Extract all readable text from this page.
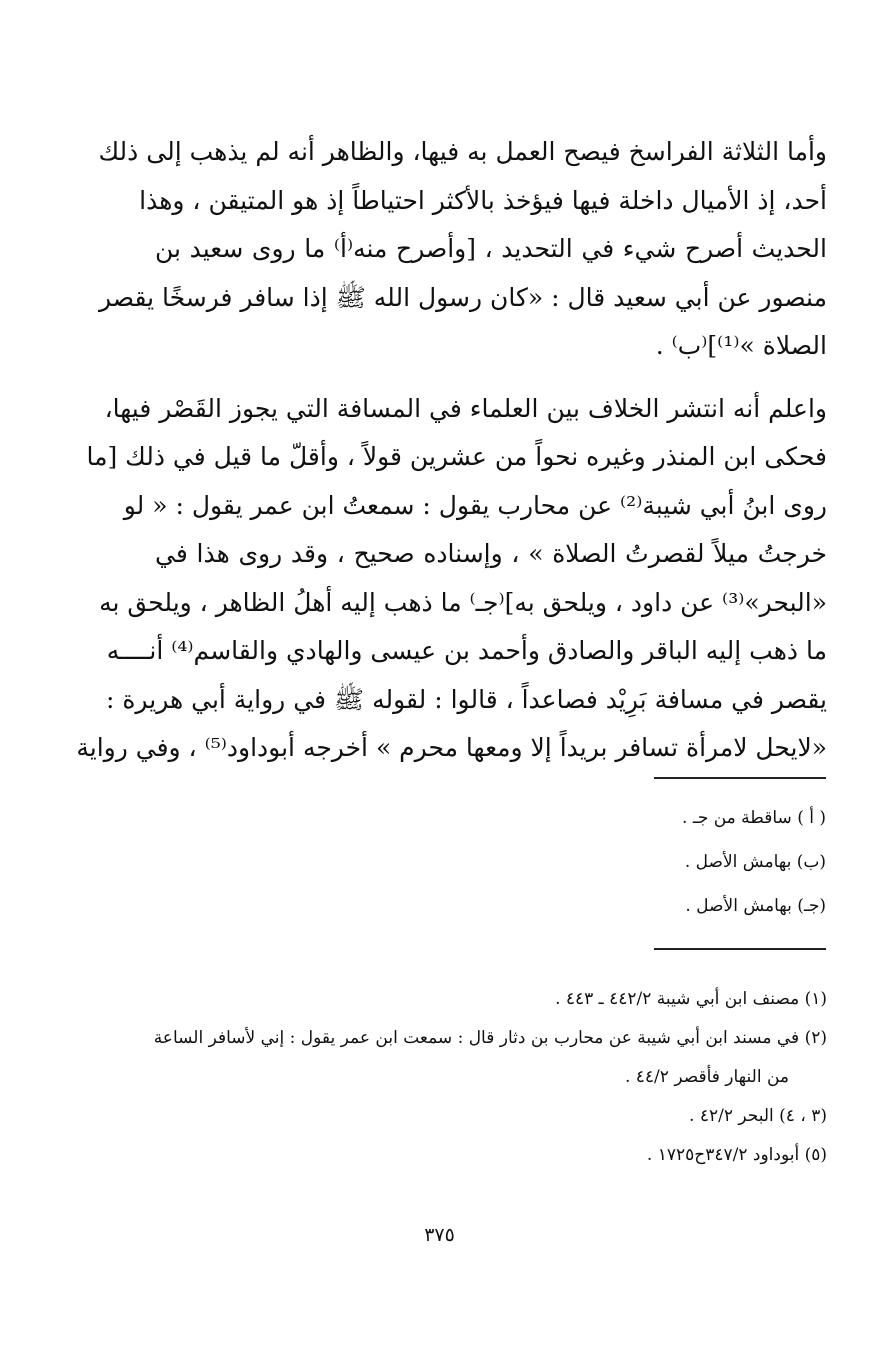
وأما الثلاثة الفراسخ فيصح العمل به فيها، والظاهر أنه لم يذهب إلى ذلك
أحد، إذ الأميال داخلة فيها فيؤخذ بالأكثر احتياطاً إذ هو المتيقن ، وهذا
الحديث أصرح شيء في التحديد ، [وأصرح منه⁽أ⁾ ما روى سعيد بن
منصور عن أبي سعيد قال : «كان رسول الله ﷺ إذا سافر فرسخًا يقصر
الصلاة »⁽¹⁾]⁽ب⁾ .

واعلم أنه انتشر الخلاف بين العلماء في المسافة التي يجوز القَصْر فيها،
فحكى ابن المنذر وغيره نحواً من عشرين قولاً ، وأقلّ ما قيل في ذلك [ما
روى ابنُ أبي شيبة⁽²⁾ عن محارب يقول : سمعتُ ابن عمر يقول : « لو
خرجتُ ميلاً لقصرتُ الصلاة » ، وإسناده صحيح ، وقد روى هذا في
«البحر»⁽³⁾ عن داود ، ويلحق به]⁽جـ⁾ ما ذهب إليه أهلُ الظاهر ، ويلحق به
ما ذهب إليه الباقر والصادق وأحمد بن عيسى والهادي والقاسم⁽⁴⁾ أنــــه
يقصر في مسافة بَرِيْد فصاعداً ، قالوا : لقوله ﷺ في رواية أبي هريرة :
«لايحل لامرأة تسافر بريداً إلا ومعها محرم » أخرجه أبوداود⁽⁵⁾ ، وفي رواية

( أ ) ساقطة من جـ .
(ب) بهامش الأصل .
(جـ) بهامش الأصل .
(١) مصنف ابن أبي شيبة ٤٤٢/٢ ـ ٤٤٣ .
(٢) في مسند ابن أبي شيبة عن محارب بن دثار قال : سمعت ابن عمر يقول : إني لأسافر الساعة
من النهار فأقصر ٤٤/٢ .
(٣ ، ٤) البحر ٤٢/٢ .
(٥) أبوداود ٣٤٧/٢ح١٧٢٥ .
٣٧٥
